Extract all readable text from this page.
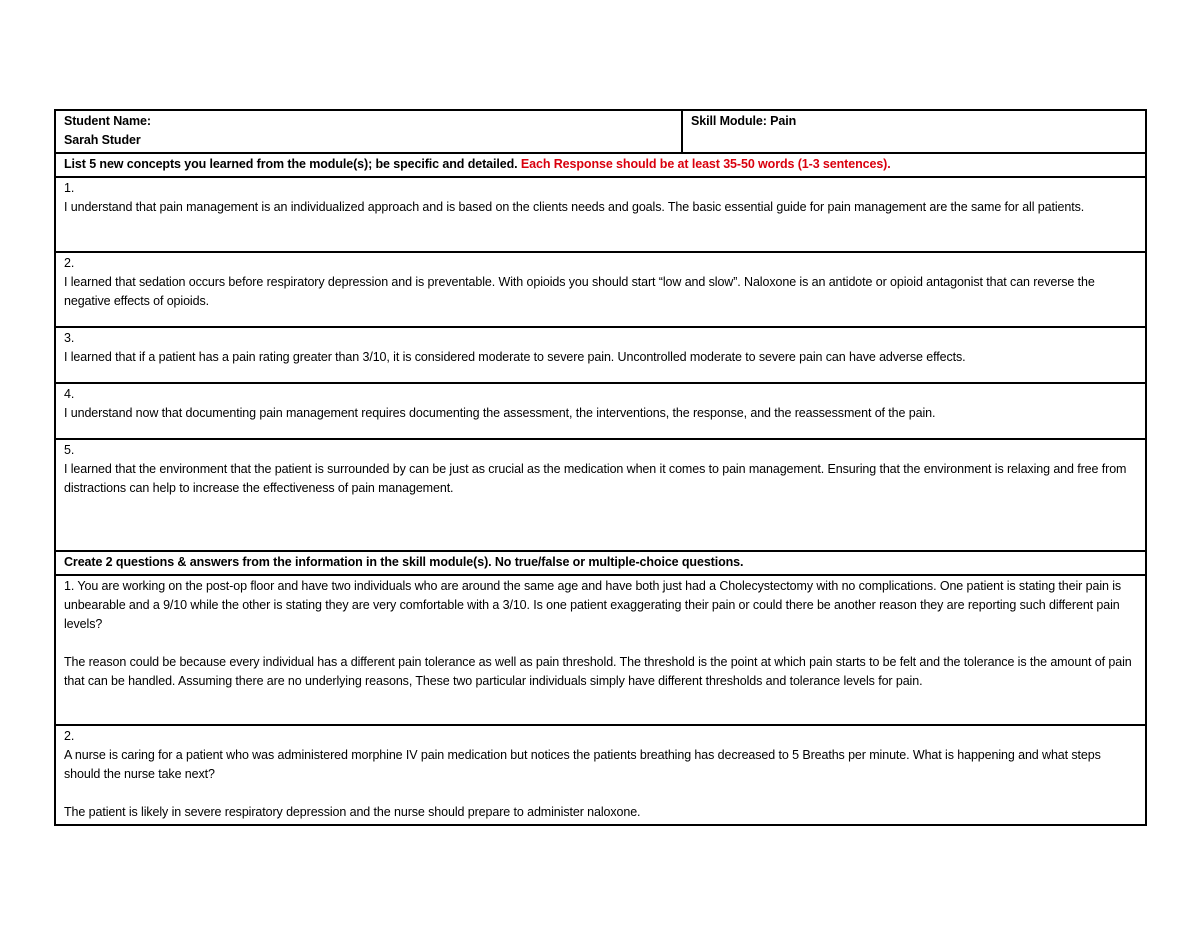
Student Name:
Sarah Studer

Skill Module: Pain

List 5 new concepts you learned from the module(s); be specific and detailed. Each Response should be at least 35-50 words (1-3 sentences).

1.
I understand that pain management is an individualized approach and is based on the clients needs and goals. The basic essential guide for pain management are the same for all patients.

2.
I learned that sedation occurs before respiratory depression and is preventable. With opioids you should start “low and slow”. Naloxone is an antidote or opioid antagonist that can reverse the negative effects of opioids.

3.
I learned that if a patient has a pain rating greater than 3/10, it is considered moderate to severe pain. Uncontrolled moderate to severe pain can have adverse effects.

4.
I understand now that documenting pain management requires documenting the assessment, the interventions, the response, and the reassessment of the pain.

5.
I learned that the environment that the patient is surrounded by can be just as crucial as the medication when it comes to pain management. Ensuring that the environment is relaxing and free from distractions can help to increase the effectiveness of pain management.

Create 2 questions & answers from the information in the skill module(s). No true/false or multiple-choice questions.

1. You are working on the post-op floor and have two individuals who are around the same age and have both just had a Cholecystectomy with no complications. One patient is stating their pain is unbearable and a 9/10 while the other is stating they are very comfortable with a 3/10. Is one patient exaggerating their pain or could there be another reason they are reporting such different pain levels?
The reason could be because every individual has a different pain tolerance as well as pain threshold. The threshold is the point at which pain starts to be felt and the tolerance is the amount of pain that can be handled. Assuming there are no underlying reasons, These two particular individuals simply have different thresholds and tolerance levels for pain.

2.
A nurse is caring for a patient who was administered morphine IV pain medication but notices the patients breathing has decreased to 5 Breaths per minute. What is happening and what steps should the nurse take next?
The patient is likely in severe respiratory depression and the nurse should prepare to administer naloxone.
